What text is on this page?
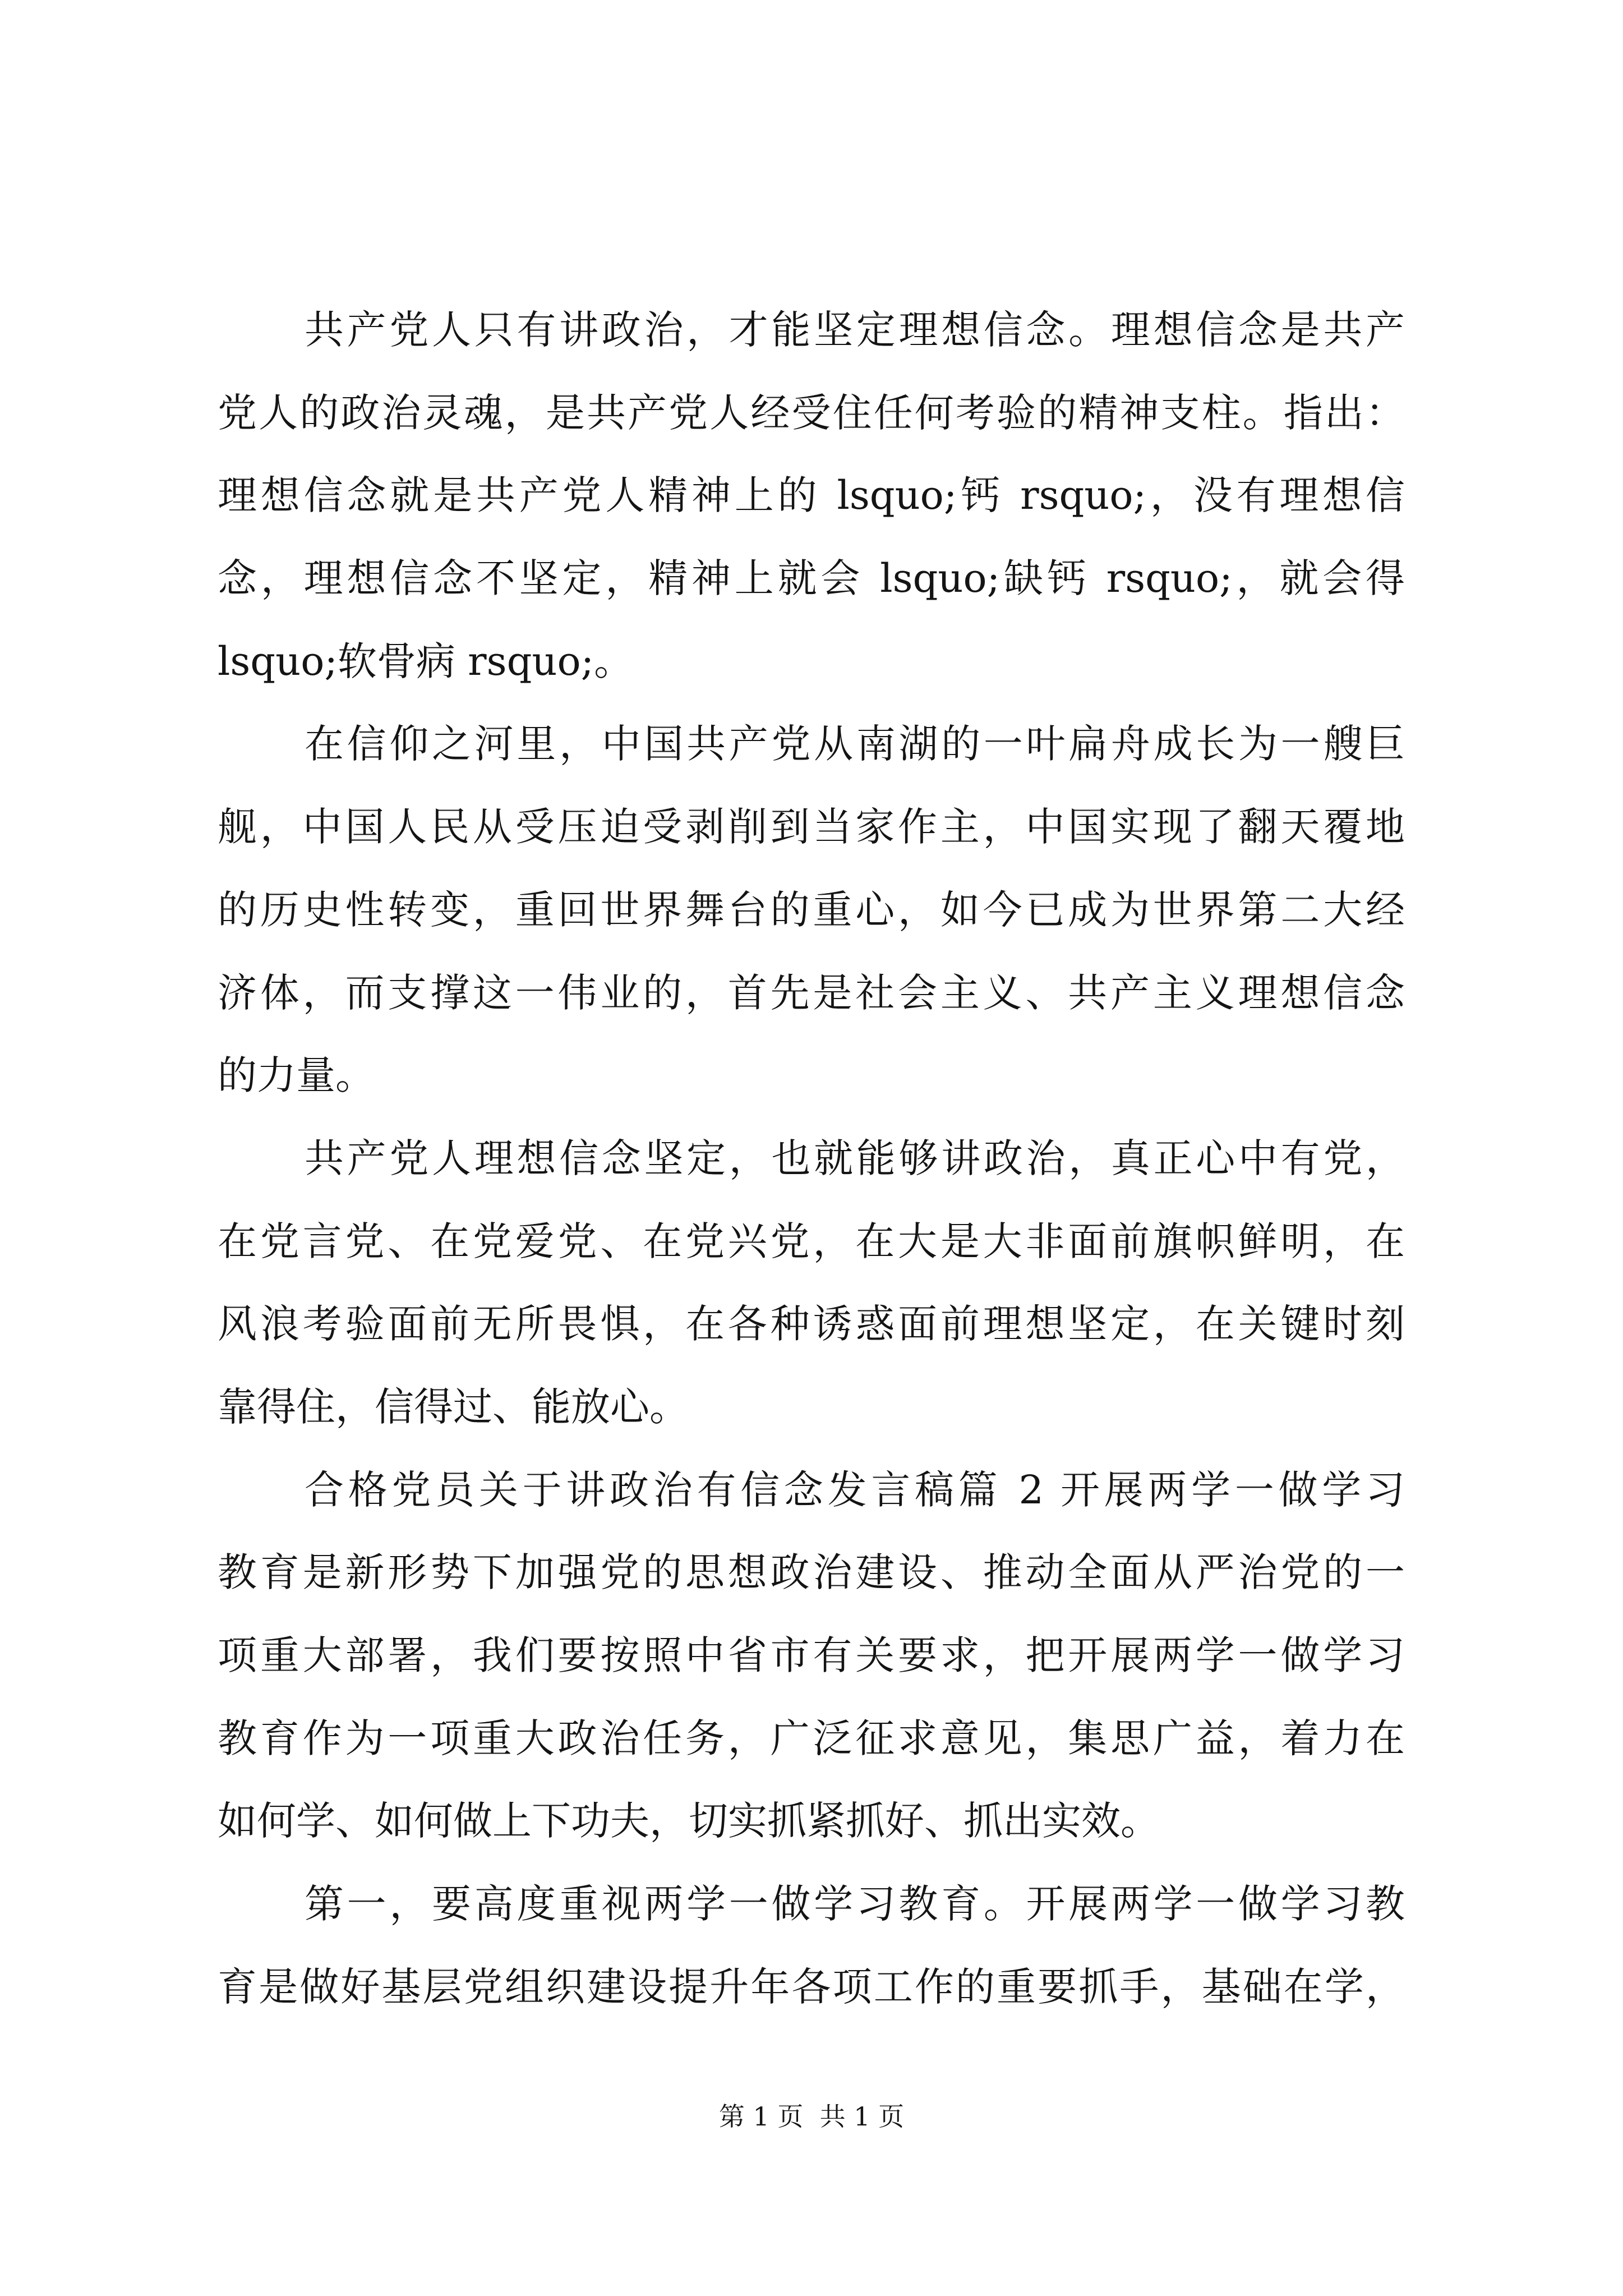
共产党人只有讲政治，才能坚定理想信念。理想信念是共产
党人的政治灵魂，是共产党人经受住任何考验的精神支柱。指出：
理想信念就是共产党人精神上的 lsquo;钙 rsquo;，没有理想信
念，理想信念不坚定，精神上就会 lsquo;缺钙 rsquo;，就会得
lsquo;软骨病 rsquo;。
在信仰之河里，中国共产党从南湖的一叶扁舟成长为一艘巨
舰，中国人民从受压迫受剥削到当家作主，中国实现了翻天覆地
的历史性转变，重回世界舞台的重心，如今已成为世界第二大经
济体，而支撑这一伟业的，首先是社会主义、共产主义理想信念
的力量。
共产党人理想信念坚定，也就能够讲政治，真正心中有党，
在党言党、在党爱党、在党兴党，在大是大非面前旗帜鲜明，在
风浪考验面前无所畏惧，在各种诱惑面前理想坚定，在关键时刻
靠得住，信得过、能放心。
合格党员关于讲政治有信念发言稿篇 2 开展两学一做学习
教育是新形势下加强党的思想政治建设、推动全面从严治党的一
项重大部署，我们要按照中省市有关要求，把开展两学一做学习
教育作为一项重大政治任务，广泛征求意见，集思广益，着力在
如何学、如何做上下功夫，切实抓紧抓好、抓出实效。
第一，要高度重视两学一做学习教育。开展两学一做学习教
育是做好基层党组织建设提升年各项工作的重要抓手，基础在学，
第 1 页  共 1 页
